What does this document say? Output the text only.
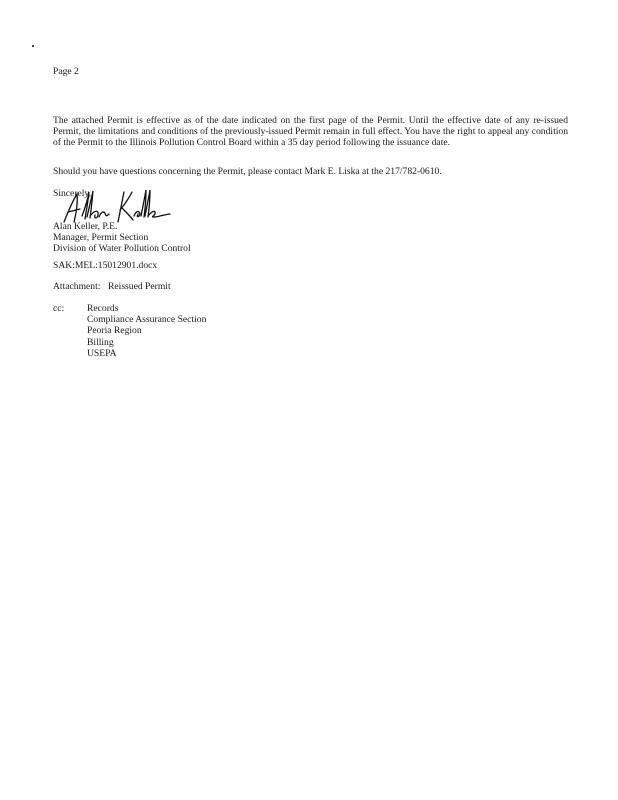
Page 2
The attached Permit is effective as of the date indicated on the first page of the Permit. Until the effective date of any re-issued Permit, the limitations and conditions of the previously-issued Permit remain in full effect. You have the right to appeal any condition of the Permit to the Illinois Pollution Control Board within a 35 day period following the issuance date.
Should you have questions concerning the Permit, please contact Mark E. Liska at the 217/782-0610.
Sincerely,
Alan Keller, P.E.
Manager, Permit Section
Division of Water Pollution Control
SAK:MEL:15012901.docx
Attachment: Reissued Permit
cc: Records
Compliance Assurance Section
Peoria Region
Billing
USEPA
